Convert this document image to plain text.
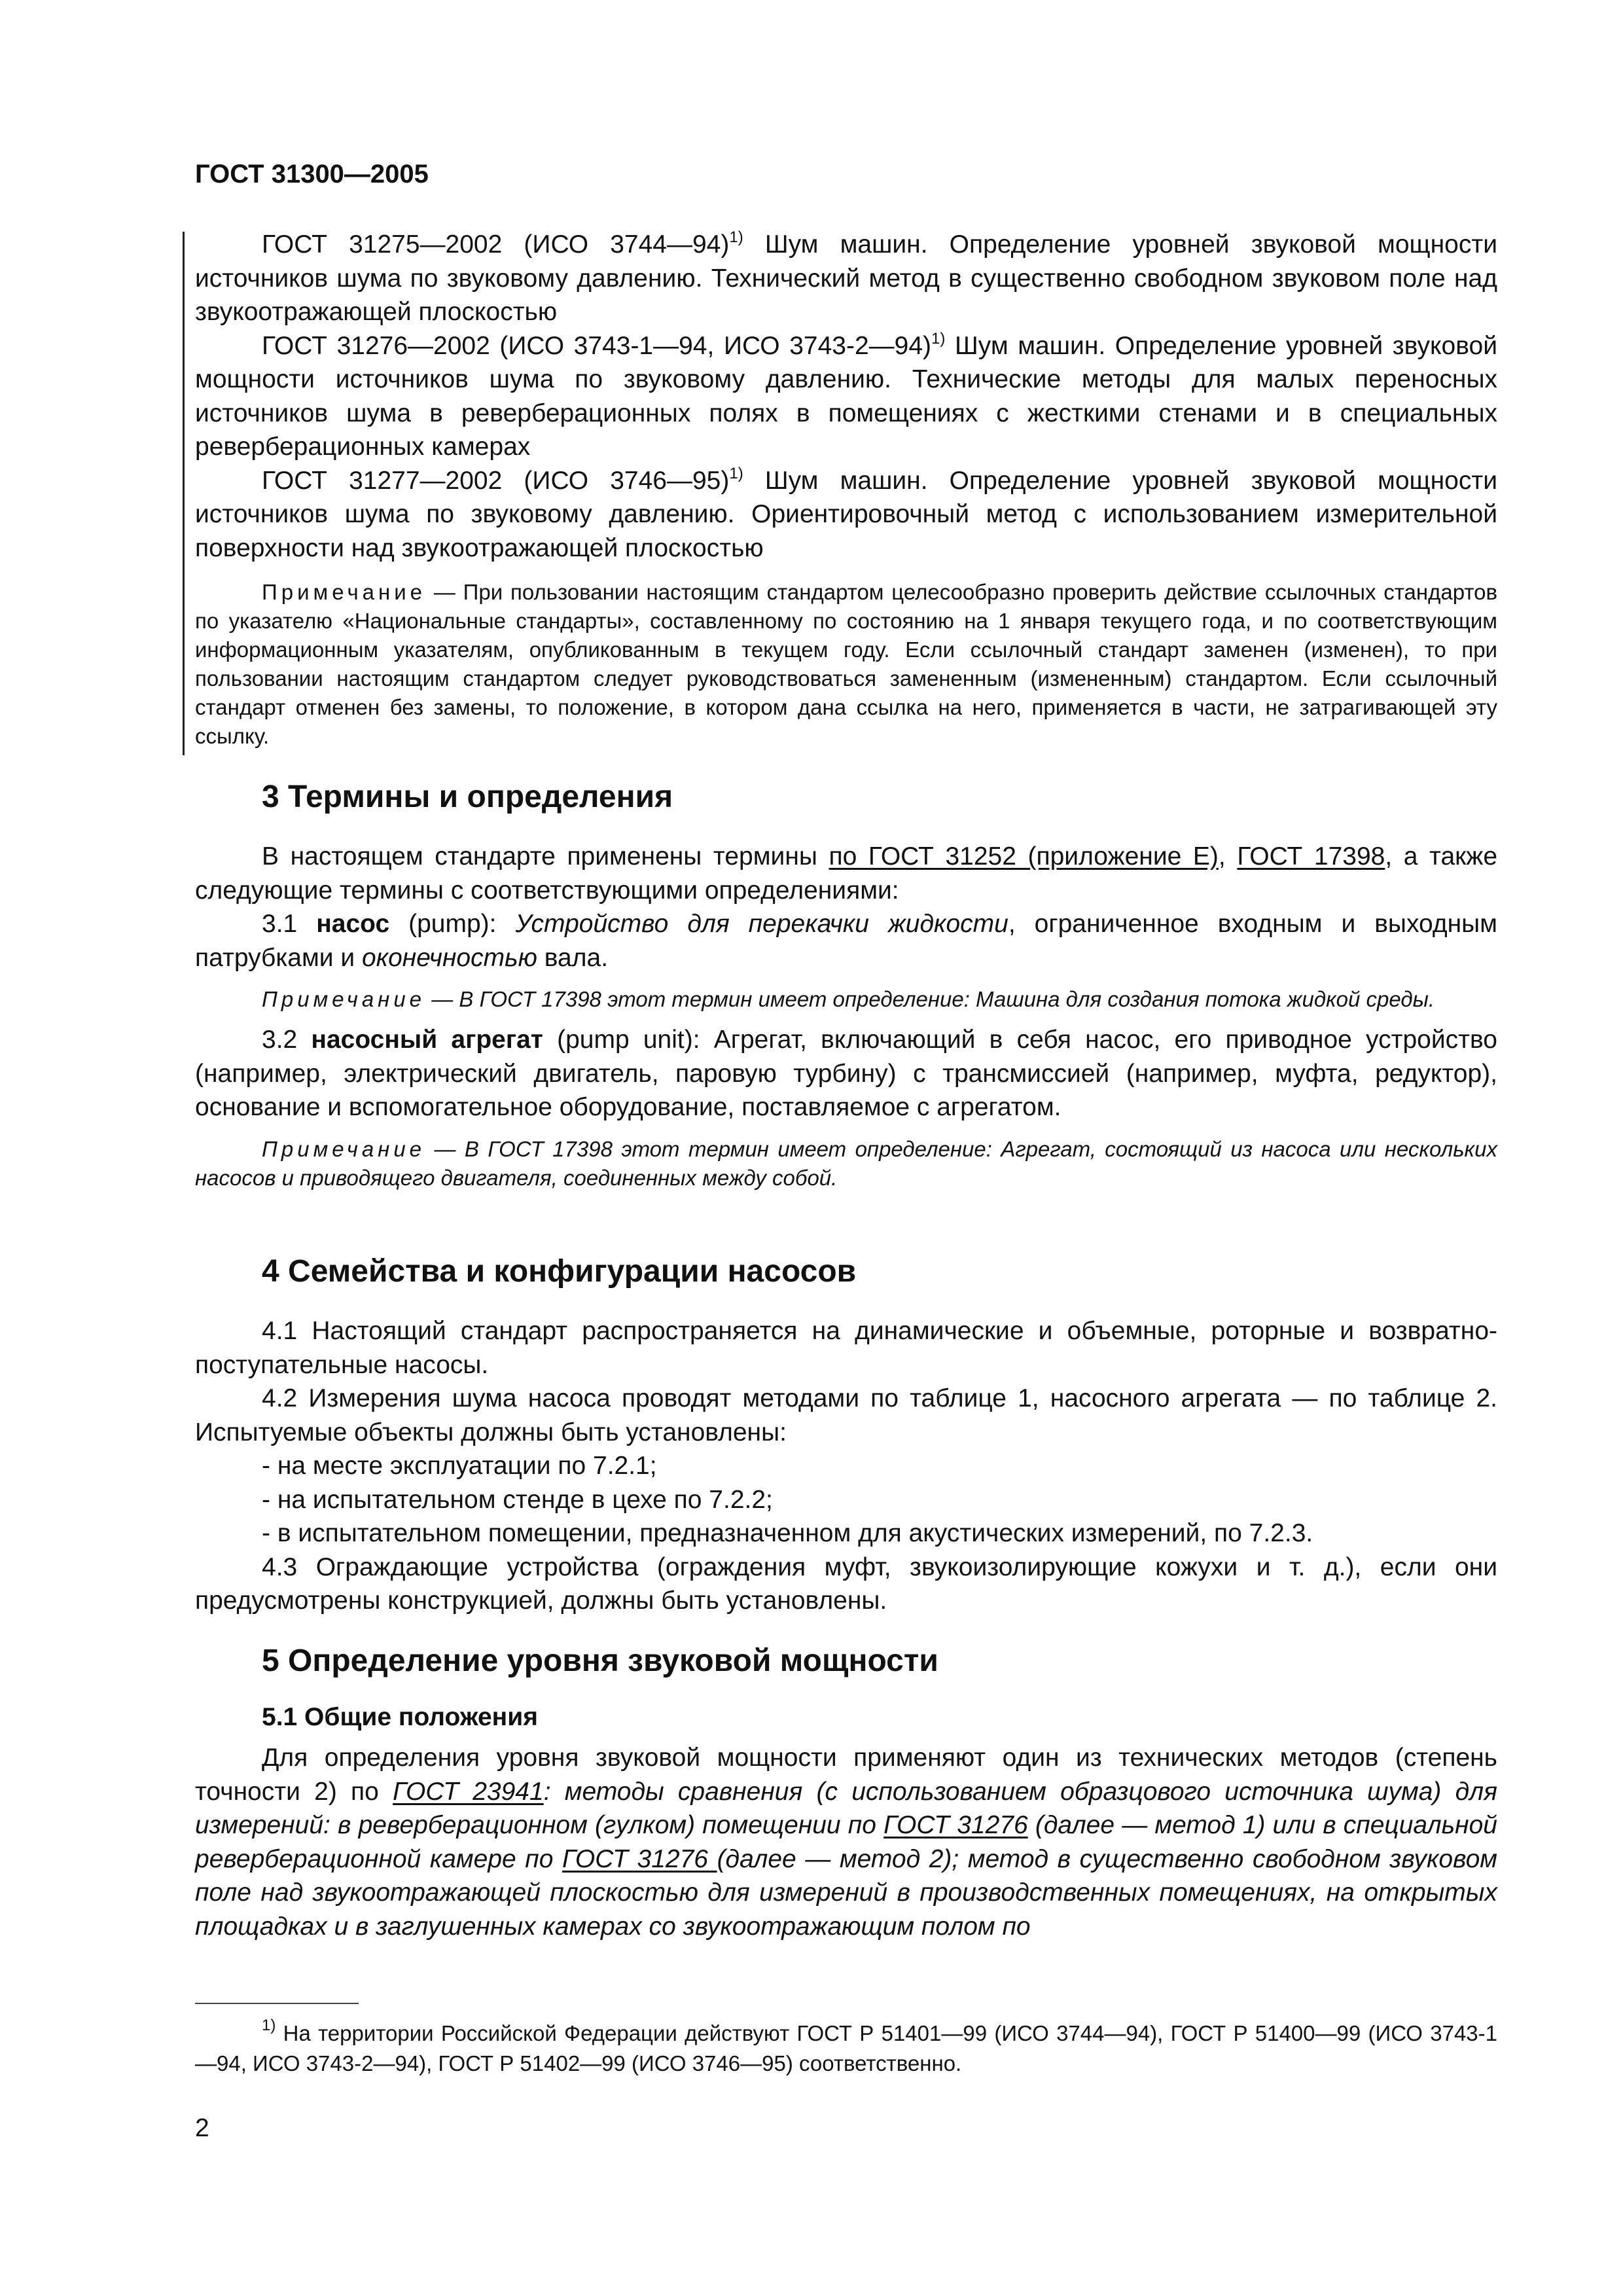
ГОСТ 31300—2005

ГОСТ 31275—2002 (ИСО 3744—94)$^{1)}$ Шум машин. Определение уровней звуковой мощности источников шума по звуковому давлению. Технический метод в существенно свободном звуковом поле над звукоотражающей плоскостью

ГОСТ 31276—2002 (ИСО 3743-1—94, ИСО 3743-2—94)$^{1)}$ Шум машин. Определение уровней звуковой мощности источников шума по звуковому давлению. Технические методы для малых переносных источников шума в реверберационных полях в помещениях с жесткими стенами и в специальных реверберационных камерах

ГОСТ 31277—2002 (ИСО 3746—95)$^{1)}$ Шум машин. Определение уровней звуковой мощности источников шума по звуковому давлению. Ориентировочный метод с использованием измерительной поверхности над звукоотражающей плоскостью

Примечание — При пользовании настоящим стандартом целесообразно проверить действие ссылочных стандартов по указателю «Национальные стандарты», составленному по состоянию на 1 января текущего года, и по соответствующим информационным указателям, опубликованным в текущем году. Если ссылочный стандарт заменен (изменен), то при пользовании настоящим стандартом следует руководствоваться замененным (измененным) стандартом. Если ссылочный стандарт отменен без замены, то положение, в котором дана ссылка на него, применяется в части, не затрагивающей эту ссылку.

3 Термины и определения

В настоящем стандарте применены термины по ГОСТ 31252 (приложение Е), ГОСТ 17398, а также следующие термины с соответствующими определениями:

3.1 насос (pump): Устройство для перекачки жидкости, ограниченное входным и выходным патрубками и оконечностью вала.

Примечание — В ГОСТ 17398 этот термин имеет определение: Машина для создания потока жидкой среды.

3.2 насосный агрегат (pump unit): Агрегат, включающий в себя насос, его приводное устройство (например, электрический двигатель, паровую турбину) с трансмиссией (например, муфта, редуктор), основание и вспомогательное оборудование, поставляемое с агрегатом.

Примечание — В ГОСТ 17398 этот термин имеет определение: Агрегат, состоящий из насоса или нескольких насосов и приводящего двигателя, соединенных между собой.

4 Семейства и конфигурации насосов

4.1 Настоящий стандарт распространяется на динамические и объемные, роторные и возвратно-поступательные насосы.

4.2 Измерения шума насоса проводят методами по таблице 1, насосного агрегата — по таблице 2. Испытуемые объекты должны быть установлены:

- на месте эксплуатации по 7.2.1;

- на испытательном стенде в цехе по 7.2.2;

- в испытательном помещении, предназначенном для акустических измерений, по 7.2.3.

4.3 Ограждающие устройства (ограждения муфт, звукоизолирующие кожухи и т. д.), если они предусмотрены конструкцией, должны быть установлены.

5 Определение уровня звуковой мощности
5.1 Общие положения

Для определения уровня звуковой мощности применяют один из технических методов (степень точности 2) по ГОСТ 23941: методы сравнения (с использованием образцового источника шума) для измерений: в реверберационном (гулком) помещении по ГОСТ 31276 (далее — метод 1) или в специальной реверберационной камере по ГОСТ 31276 (далее — метод 2); метод в существенно свободном звуковом поле над звукоотражающей плоскостью для измерений в производственных помещениях, на открытых площадках и в заглушенных камерах со звукоотражающим полом по

$^{1)}$ На территории Российской Федерации действуют ГОСТ Р 51401—99 (ИСО 3744—94), ГОСТ Р 51400—99 (ИСО 3743-1—94, ИСО 3743-2—94), ГОСТ Р 51402—99 (ИСО 3746—95) соответственно.

2
